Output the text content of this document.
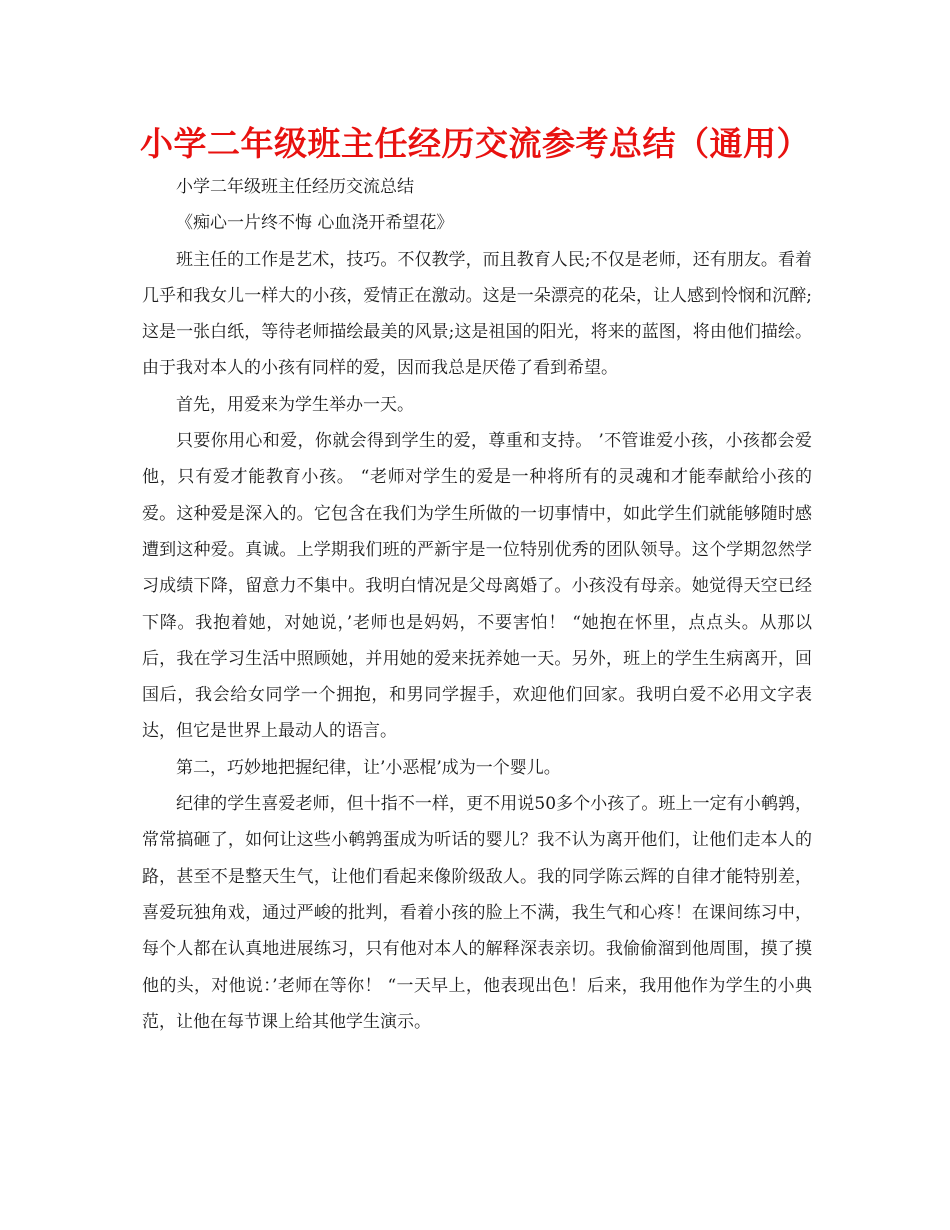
小学二年级班主任经历交流参考总结（通用）

小学二年级班主任经历交流总结

《痴心一片终不悔 心血浇开希望花》

班主任的工作是艺术，技巧。不仅教学，而且教育人民;不仅是老师，还有朋友。看着几乎和我女儿一样大的小孩，爱情正在激动。这是一朵漂亮的花朵，让人感到怜悯和沉醉;这是一张白纸，等待老师描绘最美的风景;这是祖国的阳光，将来的蓝图，将由他们描绘。由于我对本人的小孩有同样的爱，因而我总是厌倦了看到希望。

首先，用爱来为学生举办一天。

只要你用心和爱，你就会得到学生的爱，尊重和支持。 ’不管谁爱小孩，小孩都会爱他，只有爱才能教育小孩。 “老师对学生的爱是一种将所有的灵魂和才能奉献给小孩的爱。这种爱是深入的。它包含在我们为学生所做的一切事情中，如此学生们就能够随时感遭到这种爱。真诚。上学期我们班的严新宇是一位特别优秀的团队领导。这个学期忽然学习成绩下降，留意力不集中。我明白情况是父母离婚了。小孩没有母亲。她觉得天空已经下降。我抱着她，对她说，’老师也是妈妈，不要害怕！ “她抱在怀里，点点头。从那以后，我在学习生活中照顾她，并用她的爱来抚养她一天。另外，班上的学生生病离开，回国后，我会给女同学一个拥抱，和男同学握手，欢迎他们回家。我明白爱不必用文字表达，但它是世界上最动人的语言。

第二，巧妙地把握纪律，让’小恶棍’成为一个婴儿。

纪律的学生喜爱老师，但十指不一样，更不用说50多个小孩了。班上一定有小鹌鹑，常常搞砸了，如何让这些小鹌鹑蛋成为听话的婴儿？我不认为离开他们，让他们走本人的路，甚至不是整天生气，让他们看起来像阶级敌人。我的同学陈云辉的自律才能特别差，喜爱玩独角戏，通过严峻的批判，看着小孩的脸上不满，我生气和心疼！在课间练习中，每个人都在认真地进展练习，只有他对本人的解释深表亲切。我偷偷溜到他周围，摸了摸他的头，对他说：’老师在等你！ “一天早上，他表现出色！后来，我用他作为学生的小典范，让他在每节课上给其他学生演示。
